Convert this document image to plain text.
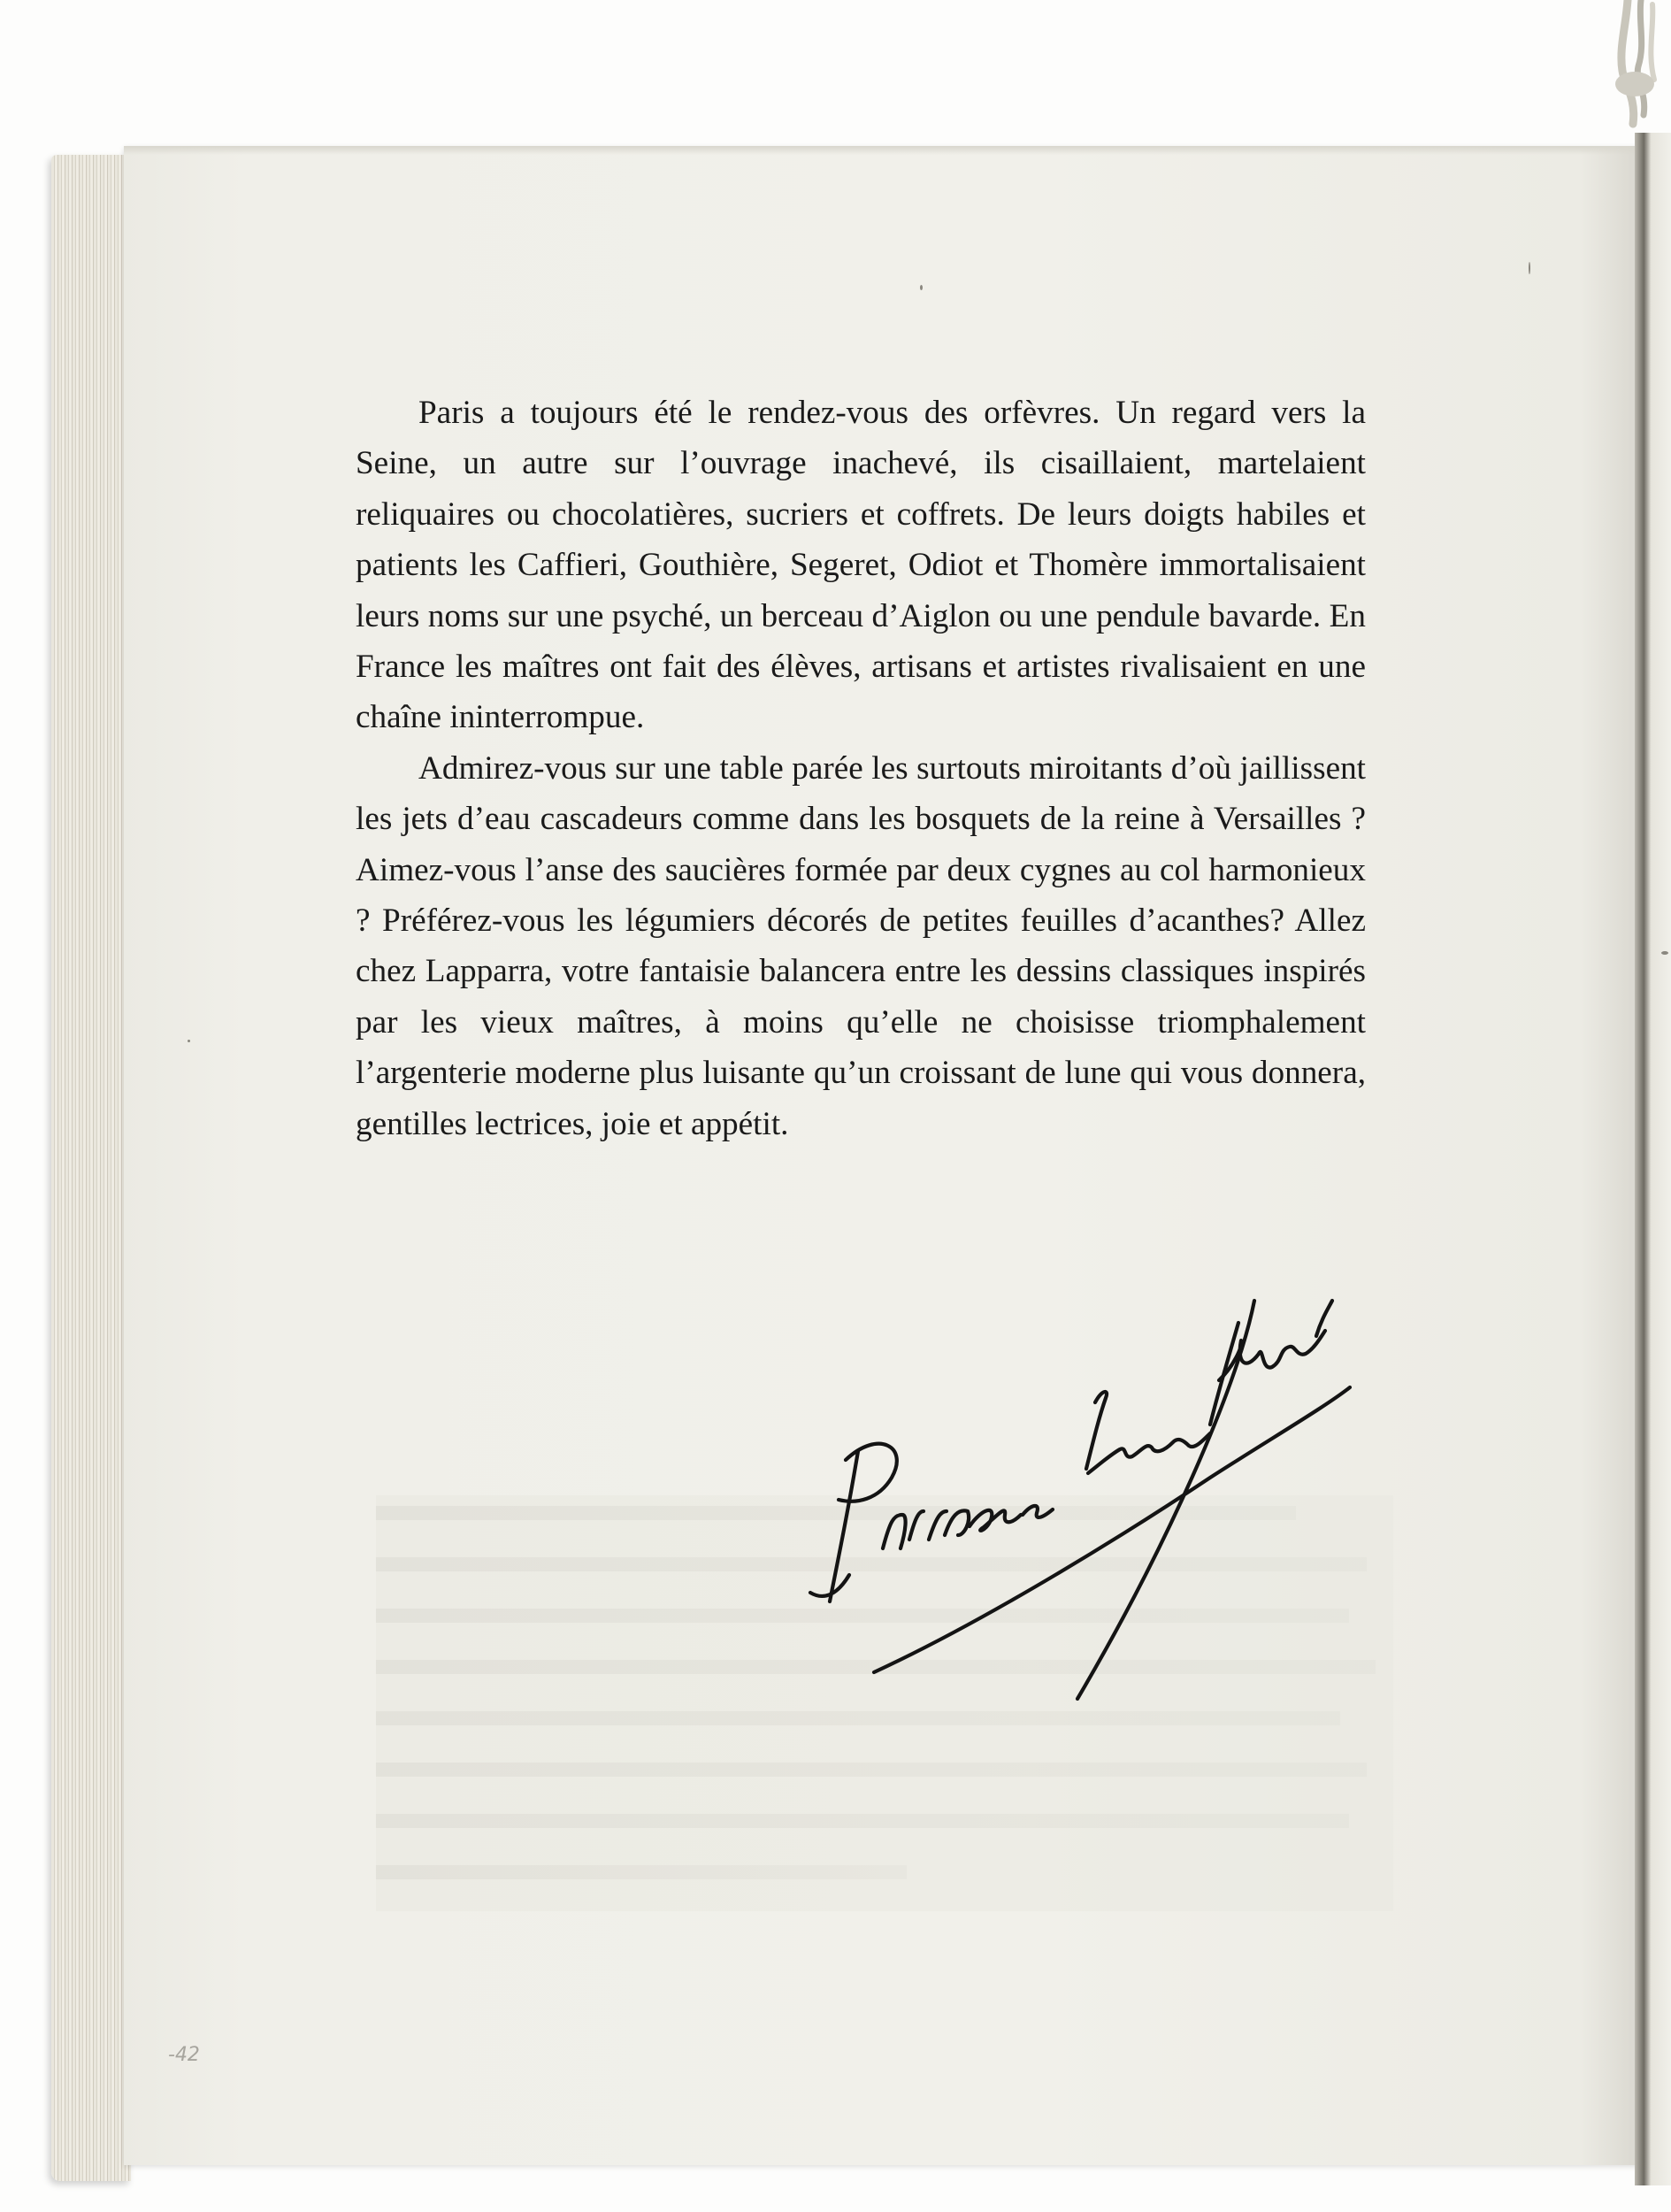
Paris a toujours été le rendez-vous des orfèvres. Un regard vers la Seine, un autre sur l’ouvrage inachevé, ils cisaillaient, martelaient reliquaires ou chocolatières, sucriers et coffrets. De leurs doigts habiles et patients les Caffieri, Gouthière, Segeret, Odiot et Thomère immortalisaient leurs noms sur une psyché, un berceau d’Aiglon ou une pendule bavarde. En France les maîtres ont fait des élèves, artisans et artistes rivalisaient en une chaîne ininterrompue.

Admirez-vous sur une table parée les surtouts miroitants d’où jaillissent les jets d’eau cascadeurs comme dans les bosquets de la reine à Versailles ? Aimez-vous l’anse des saucières formée par deux cygnes au col harmonieux ? Préférez-vous les légumiers décorés de petites feuilles d’acanthes? Allez chez Lapparra, votre fantaisie balancera entre les dessins classiques inspirés par les vieux maîtres, à moins qu’elle ne choisisse triomphalement l’argenterie moderne plus luisante qu’un croissant de lune qui vous donnera, gentilles lectrices, joie et appétit.

-42
